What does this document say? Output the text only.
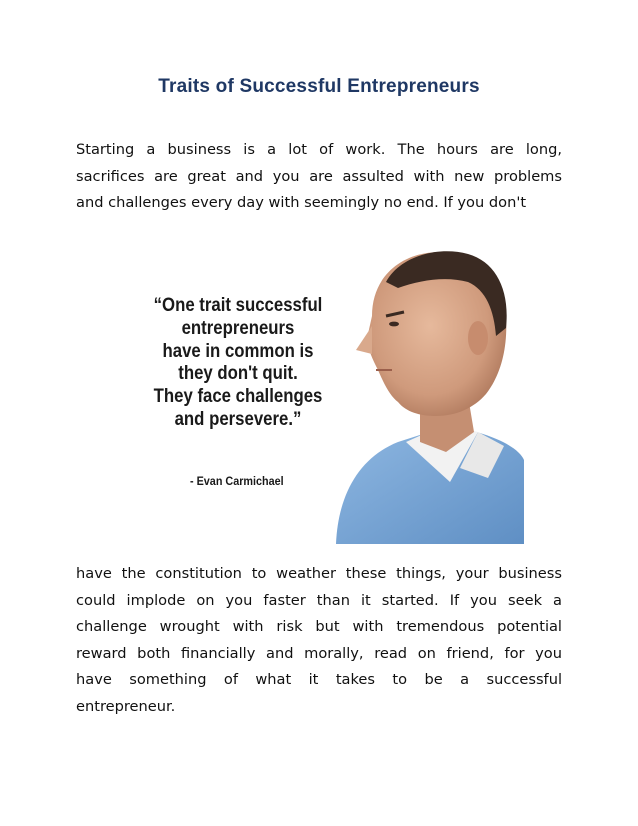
Traits of Successful Entrepreneurs
Starting a business is a lot of work. The hours are long,
sacrifices are great and you are assulted with new problems
and challenges every day with seemingly no end. If you don't
“One trait successful
entrepreneurs
have in common is
they don't quit.
They face challenges
and persevere.”
- Evan Carmichael
have the constitution to weather these things, your business
could implode on you faster than it started. If you seek a
challenge wrought with risk but with tremendous potential
reward both financially and morally, read on friend, for you
have something of what it takes to be a successful
entrepreneur.
